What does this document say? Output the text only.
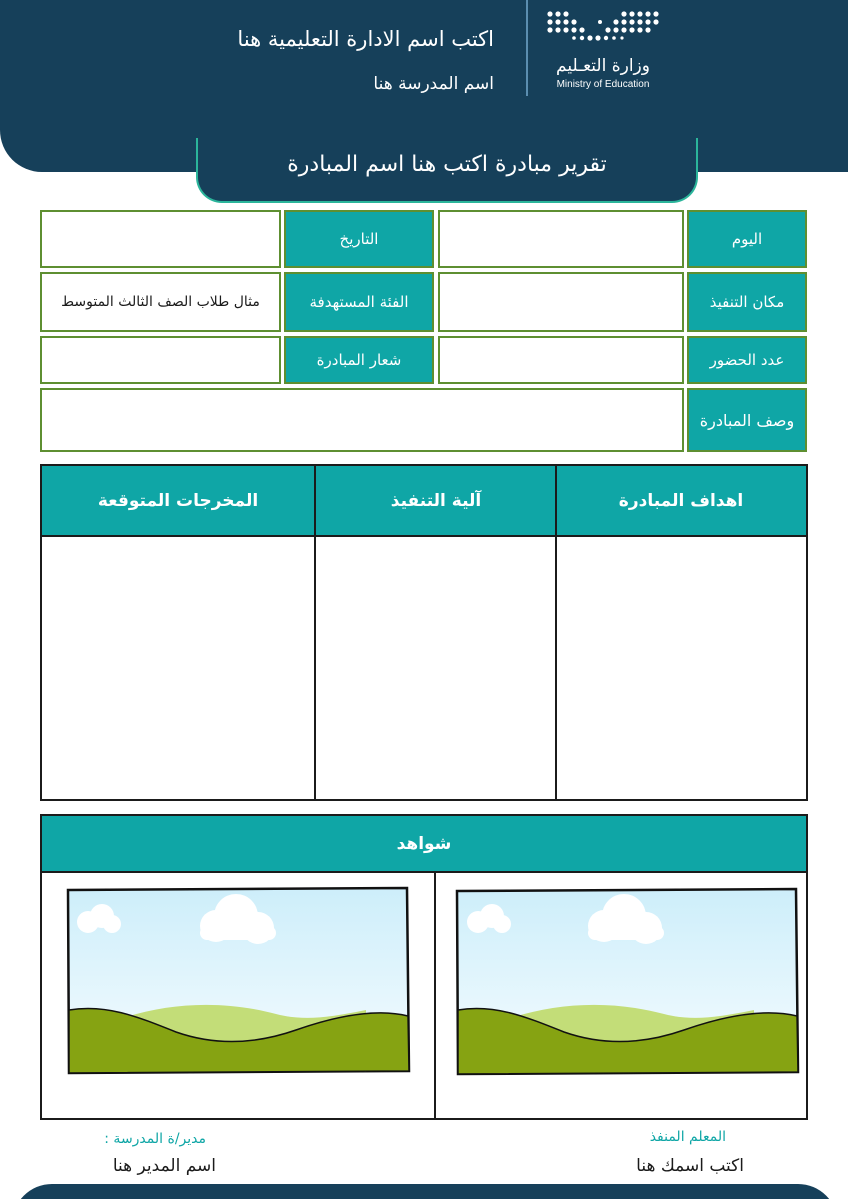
وزارة التعـليم
Ministry of Education
اكتب اسم الادارة التعليمية هنا
اسم المدرسة هنا
تقرير مبادرة اكتب هنا اسم المبادرة
اليوم
التاريخ
مكان التنفيذ
الفئة المستهدفة
مثال طلاب الصف الثالث المتوسط
عدد الحضور
شعار المبادرة
وصف المبادرة
اهداف المبادرة
آلية التنفيذ
المخرجات المتوقعة
شواهد
المعلم المنفذ
اكتب اسمك هنا
مدير/ة المدرسة :
اسم المدير هنا
